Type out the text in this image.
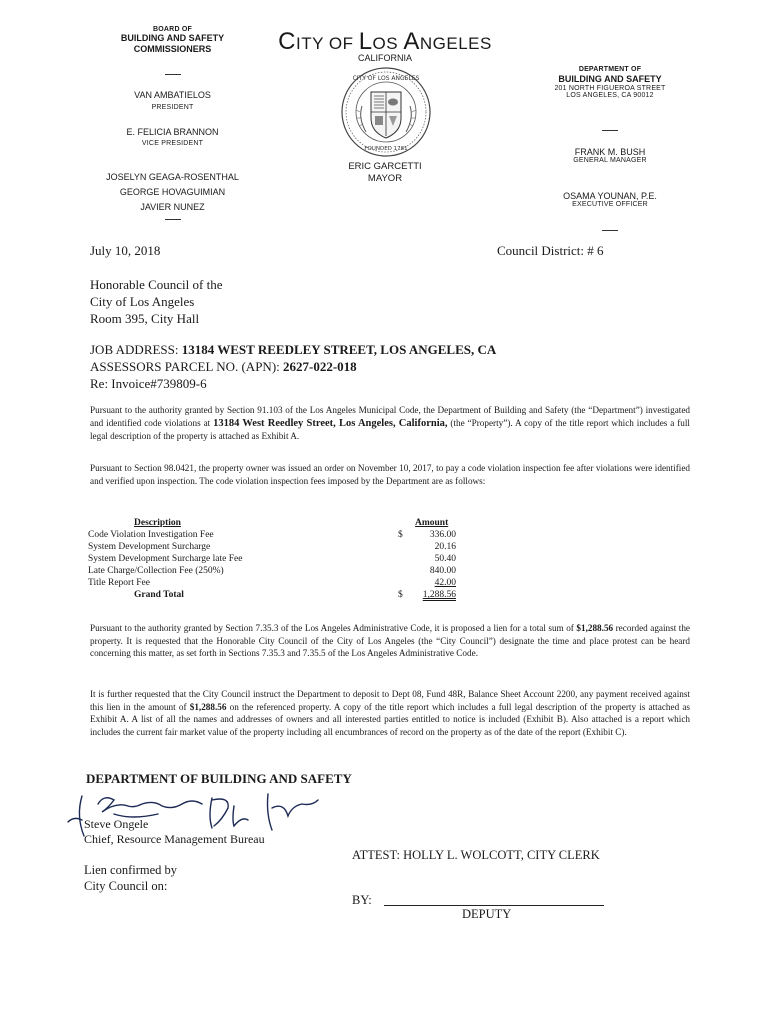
BOARD OF
BUILDING AND SAFETY
COMMISSIONERS
VAN AMBATIELOS
PRESIDENT
E. FELICIA BRANNON
VICE PRESIDENT
JOSELYN GEAGA-ROSENTHAL
GEORGE HOVAGUIMIAN
JAVIER NUNEZ
CITY OF LOS ANGELES
CALIFORNIA
CITY OF LOS ANGELES
FOUNDED 1781
ERIC GARCETTI
MAYOR
DEPARTMENT OF
BUILDING AND SAFETY
201 NORTH FIGUEROA STREET
LOS ANGELES, CA 90012
FRANK M. BUSH
GENERAL MANAGER
OSAMA YOUNAN, P.E.
EXECUTIVE OFFICER
July 10, 2018	Council District: # 6
Honorable Council of the
City of Los Angeles
Room 395, City Hall
JOB ADDRESS: 13184 WEST REEDLEY STREET, LOS ANGELES, CA
ASSESSORS PARCEL NO. (APN): 2627-022-018
Re: Invoice#739809-6
Pursuant to the authority granted by Section 91.103 of the Los Angeles Municipal Code, the Department of Building and Safety (the “Department”) investigated and identified code violations at 13184 West Reedley Street, Los Angeles, California, (the “Property”). A copy of the title report which includes a full legal description of the property is attached as Exhibit A.
Pursuant to Section 98.0421, the property owner was issued an order on November 10, 2017, to pay a code violation inspection fee after violations were identified and verified upon inspection. The code violation inspection fees imposed by the Department are as follows:
Description	Amount
Code Violation Investigation Fee	$	336.00
System Development Surcharge	20.16
System Development Surcharge late Fee	50.40
Late Charge/Collection Fee (250%)	840.00
Title Report Fee	42.00
Grand Total	$ 1,288.56
Pursuant to the authority granted by Section 7.35.3 of the Los Angeles Administrative Code, it is proposed a lien for a total sum of $1,288.56 recorded against the property. It is requested that the Honorable City Council of the City of Los Angeles (the “City Council”) designate the time and place protest can be heard concerning this matter, as set forth in Sections 7.35.3 and 7.35.5 of the Los Angeles Administrative Code.
It is further requested that the City Council instruct the Department to deposit to Dept 08, Fund 48R, Balance Sheet Account 2200, any payment received against this lien in the amount of $1,288.56 on the referenced property. A copy of the title report which includes a full legal description of the property is attached as Exhibit A. A list of all the names and addresses of owners and all interested parties entitled to notice is included (Exhibit B). Also attached is a report which includes the current fair market value of the property including all encumbrances of record on the property as of the date of the report (Exhibit C).
DEPARTMENT OF BUILDING AND SAFETY
Steve Ongele
Chief, Resource Management Bureau
ATTEST: HOLLY L. WOLCOTT, CITY CLERK
Lien confirmed by
City Council on:
BY:
DEPUTY
